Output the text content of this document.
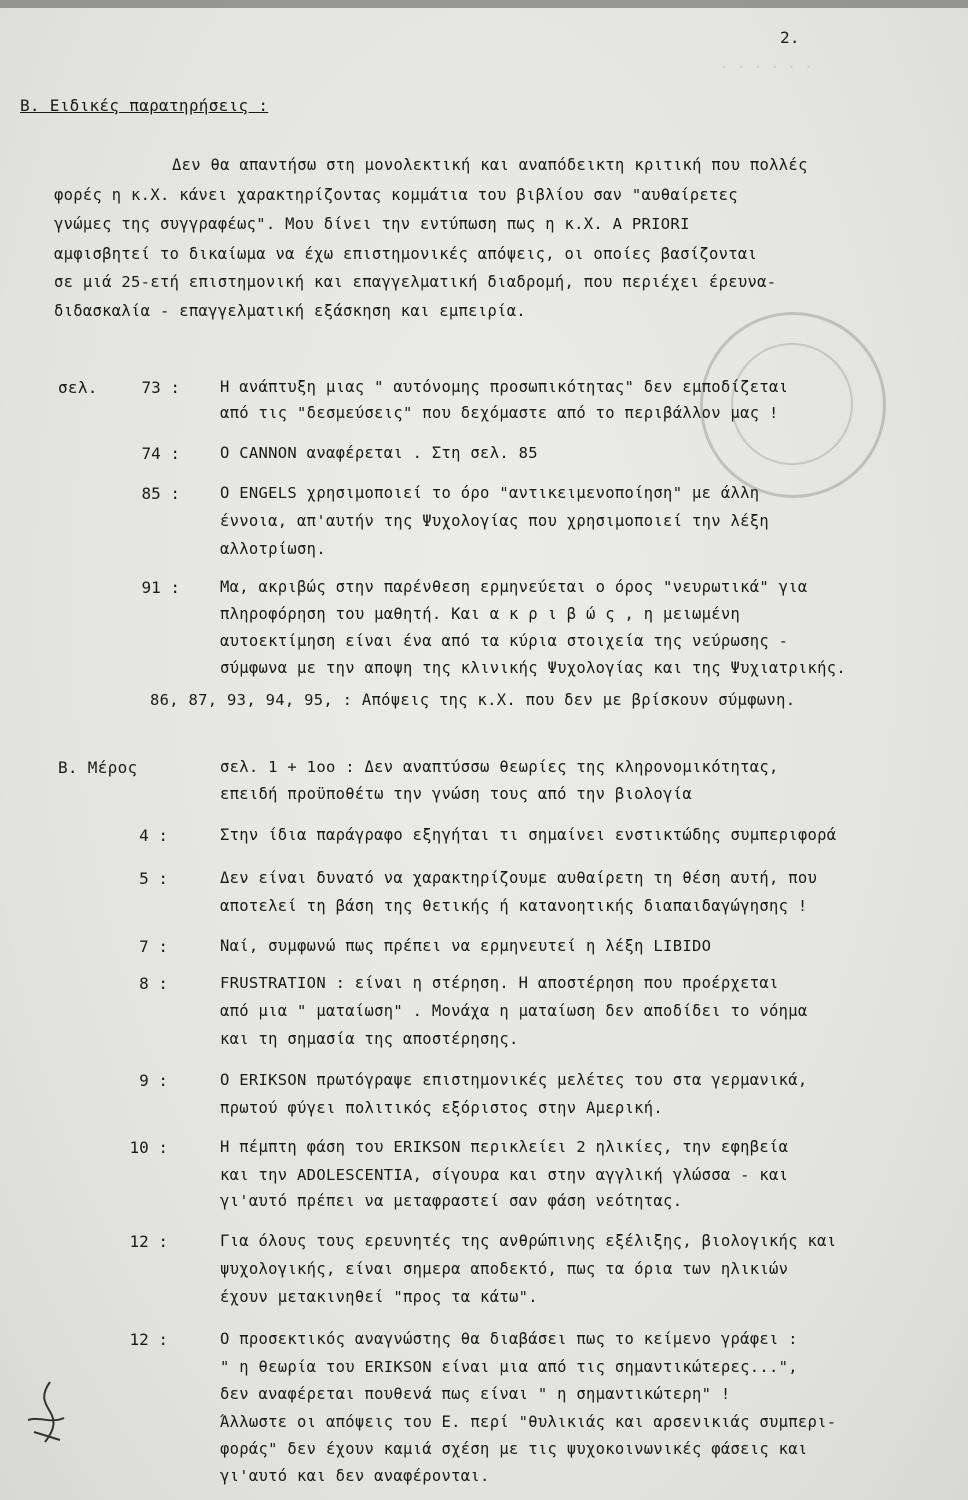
· · · · · ·
2.
Β. Ειδικές παρατηρήσεις :
Δεν θα απαντήσω στη μονολεκτική και αναπόδεικτη κριτική που πολλές
φορές η κ.Χ. κάνει χαρακτηρίζοντας κομμάτια του βιβλίου σαν "αυθαίρετες
γνώμες της συγγραφέως". Μου δίνει την εντύπωση πως η κ.Χ. A PRIORI
αμφισβητεί το δικαίωμα να έχω επιστημονικές απόψεις, οι οποίες βασίζονται
σε μιά 25-ετή επιστημονική και επαγγελματική διαδρομή, που περιέχει έρευνα-
διδασκαλία - επαγγελματική εξάσκηση και εμπειρία.
σελ.	73 :	Η ανάπτυξη μιας " αυτόνομης προσωπικότητας" δεν εμποδίζεται
από τις "δεσμεύσεις" που δεχόμαστε από το περιβάλλον μας !
74 :	Ο CANNON αναφέρεται . Στη σελ. 85
85 :	Ο ENGELS χρησιμοποιεί το όρο "αντικειμενοποίηση" με άλλη
έννοια, απ'αυτήν της Ψυχολογίας που χρησιμοποιεί την λέξη
αλλοτρίωση.
91 :	Μα, ακριβώς στην παρένθεση ερμηνεύεται ο όρος "νευρωτικά" για
πληροφόρηση του μαθητή. Και α κ ρ ι β ώ ς , η μειωμένη
αυτοεκτίμηση είναι ένα από τα κύρια στοιχεία της νεύρωσης -
σύμφωνα με την αποψη της κλινικής Ψυχολογίας και της Ψυχιατρικής.
86, 87, 93, 94, 95, : Απόψεις της κ.Χ. που δεν με βρίσκουν σύμφωνη.
Β. Μέρος	σελ. 1 + 1oo : Δεν αναπτύσσω θεωρίες της κληρονομικότητας,
επειδή προϋποθέτω την γνώση τους από την βιολογία
4 :	Στην ίδια παράγραφο εξηγήται τι σημαίνει ενστικτώδης συμπεριφορά
5 :	Δεν είναι δυνατό να χαρακτηρίζουμε αυθαίρετη τη θέση αυτή, που
αποτελεί τη βάση της θετικής ή κατανοητικής διαπαιδαγώγησης !
7 :	Ναί, συμφωνώ πως πρέπει να ερμηνευτεί η λέξη LIBIDO
8 :	FRUSTRATION : είναι η στέρηση. Η αποστέρηση που προέρχεται
από μια " ματαίωση" . Μονάχα η ματαίωση δεν αποδίδει το νόημα
και τη σημασία της αποστέρησης.
9 :	Ο ERIKSON πρωτόγραψε επιστημονικές μελέτες του στα γερμανικά,
πρωτού φύγει πολιτικός εξόριστος στην Αμερική.
10 :	Η πέμπτη φάση του ERIKSON περικλείει 2 ηλικίες, την εφηβεία
και την ADOLESCENTIA, σίγουρα και στην αγγλική γλώσσα - και
γι'αυτό πρέπει να μεταφραστεί σαν φάση νεότητας.
12 :	Για όλους τους ερευνητές της ανθρώπινης εξέλιξης, βιολογικής και
ψυχολογικής, είναι σημερα αποδεκτό, πως τα όρια των ηλικιών
έχουν μετακινηθεί "προς τα κάτω".
12 :	Ο προσεκτικός αναγνώστης θα διαβάσει πως το κείμενο γράφει :
" η θεωρία του ERIKSON είναι μια από τις σημαντικώτερες...",
δεν αναφέρεται πουθενά πως είναι " η σημαντικώτερη" !
Άλλωστε οι απόψεις του Ε. περί "θυλικιάς και αρσενικιάς συμπερι-
φοράς" δεν έχουν καμιά σχέση με τις ψυχοκοινωνικές φάσεις και
γι'αυτό και δεν αναφέρονται.
